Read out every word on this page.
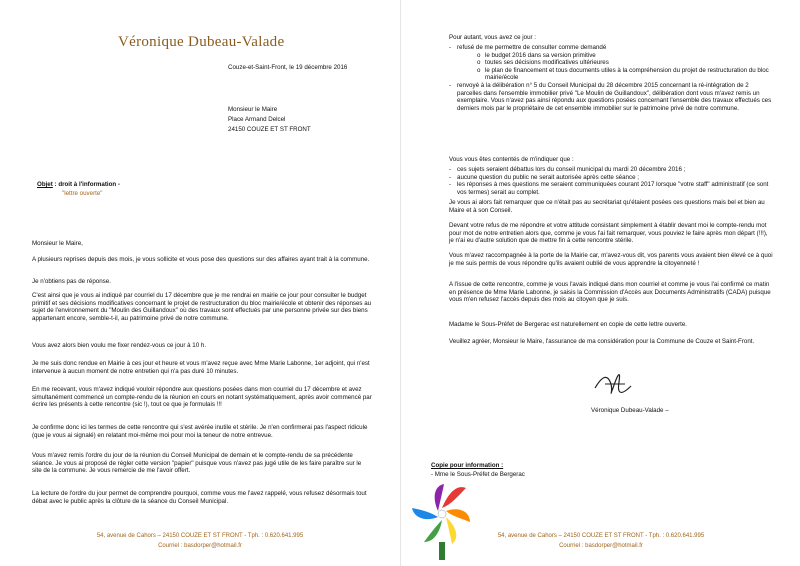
Véronique Dubeau-Valade
Couze-et-Saint-Front, le 19 décembre 2016
Monsieur le Maire
Place Armand Delcel
24150 COUZE ET ST FRONT
Objet : droit à l'information -
"lettre ouverte"
Monsieur le Maire,
A plusieurs reprises depuis des mois, je vous sollicite et vous pose des questions sur des affaires ayant trait à la commune.
Je n'obtiens pas de réponse.
C'est ainsi que je vous ai indiqué par courriel du 17 décembre que je me rendrai en mairie ce jour pour consulter le budget primitif et ses décisions modificatives concernant le projet de restructuration du bloc mairie/école et obtenir des réponses au sujet de l'environnement du "Moulin des Guillandoux" où des travaux sont effectués par une personne privée sur des biens appartenant encore, semble-t-il, au patrimoine privé de notre commune.
Vous avez alors bien voulu me fixer rendez-vous ce jour à 10 h.
Je me suis donc rendue en Mairie à ces jour et heure et vous m'avez reçue avec Mme Marie Labonne, 1er adjoint, qui n'est intervenue à aucun moment de notre entretien qui n'a pas duré 10 minutes.
En me recevant, vous m'avez indiqué vouloir répondre aux questions posées dans mon courriel du 17 décembre et avez simultanément commencé un compte-rendu de la réunion en cours en notant systématiquement, après avoir commencé par écrire les présents à cette rencontre (sic !), tout ce que je formulais !!!
Je confirme donc ici les termes de cette rencontre qui s'est avérée inutile et stérile. Je n'en confirmerai pas l'aspect ridicule (que je vous ai signalé) en relatant moi-même moi pour moi la teneur de notre entrevue.
Vous m'avez remis l'ordre du jour de la réunion du Conseil Municipal de demain et le compte-rendu de sa précédente séance. Je vous ai proposé de régler cette version "papier" puisque vous n'avez pas jugé utile de les faire paraître sur le site de la commune. Je vous remercie de me l'avoir offert.
La lecture de l'ordre du jour permet de comprendre pourquoi, comme vous me l'avez rappelé, vous refusez désormais tout débat avec le public après la clôture de la séance du Conseil Municipal.
54, avenue de Cahors – 24150 COUZE ET ST FRONT - Tph. : 0.620.641.995
Courriel : basdorper@hotmail.fr
Pour autant, vous avez ce jour :
- refusé de me permettre de consulter comme demandé
o le budget 2016 dans sa version primitive
o toutes ses décisions modificatives ultérieures
o le plan de financement et tous documents utiles à la compréhension du projet de restructuration du bloc mairie/école
- renvoyé à la délibération n° 5 du Conseil Municipal du 28 décembre 2015 concernant la ré-intégration de 2 parcelles dans l'ensemble immobilier privé "Le Moulin de Guillandoux", délibération dont vous m'avez remis un exemplaire. Vous n'avez pas ainsi répondu aux questions posées concernant l'ensemble des travaux effectués ces derniers mois par le propriétaire de cet ensemble immobilier sur le patrimoine privé de notre commune.
Vous vous êtes contentés de m'indiquer que :
- ces sujets seraient débattus lors du conseil municipal du mardi 20 décembre 2016 ;
- aucune question du public ne serait autorisée après cette séance ;
- les réponses à mes questions me seraient communiquées courant 2017 lorsque "votre staff" administratif (ce sont vos termes) serait au complet.
Je vous ai alors fait remarquer que ce n'était pas au secrétariat qu'étaient posées ces questions mais bel et bien au Maire et à son Conseil.
Devant votre refus de me répondre et votre attitude consistant simplement à établir devant moi le compte-rendu mot pour mot de notre entretien alors que, comme je vous l'ai fait remarquer, vous pouviez le faire après mon départ (!!!), je n'ai eu d'autre solution que de mettre fin à cette rencontre stérile.
Vous m'avez raccompagnée à la porte de la Mairie car, m'avez-vous dit, vos parents vous avaient bien élevé ce à quoi je me suis permis de vous répondre qu'ils avaient oublié de vous apprendre la citoyenneté !
A l'issue de cette rencontre, comme je vous l'avais indiqué dans mon courriel et comme je vous l'ai confirmé ce matin en présence de Mme Marie Labonne, je saisis la Commission d'Accès aux Documents Administratifs (CADA) puisque vous m'en refusez l'accès depuis des mois au citoyen que je suis.
Madame le Sous-Préfet de Bergerac est naturellement en copie de cette lettre ouverte.
Veuillez agréer, Monsieur le Maire, l'assurance de ma considération pour la Commune de Couze et Saint-Front.
Véronique Dubeau-Valade –
Copie pour information :
- Mme le Sous-Préfet de Bergerac
54, avenue de Cahors – 24150 COUZE ET ST FRONT - Tph. : 0.620.641.995
Courriel : basdorper@hotmail.fr
